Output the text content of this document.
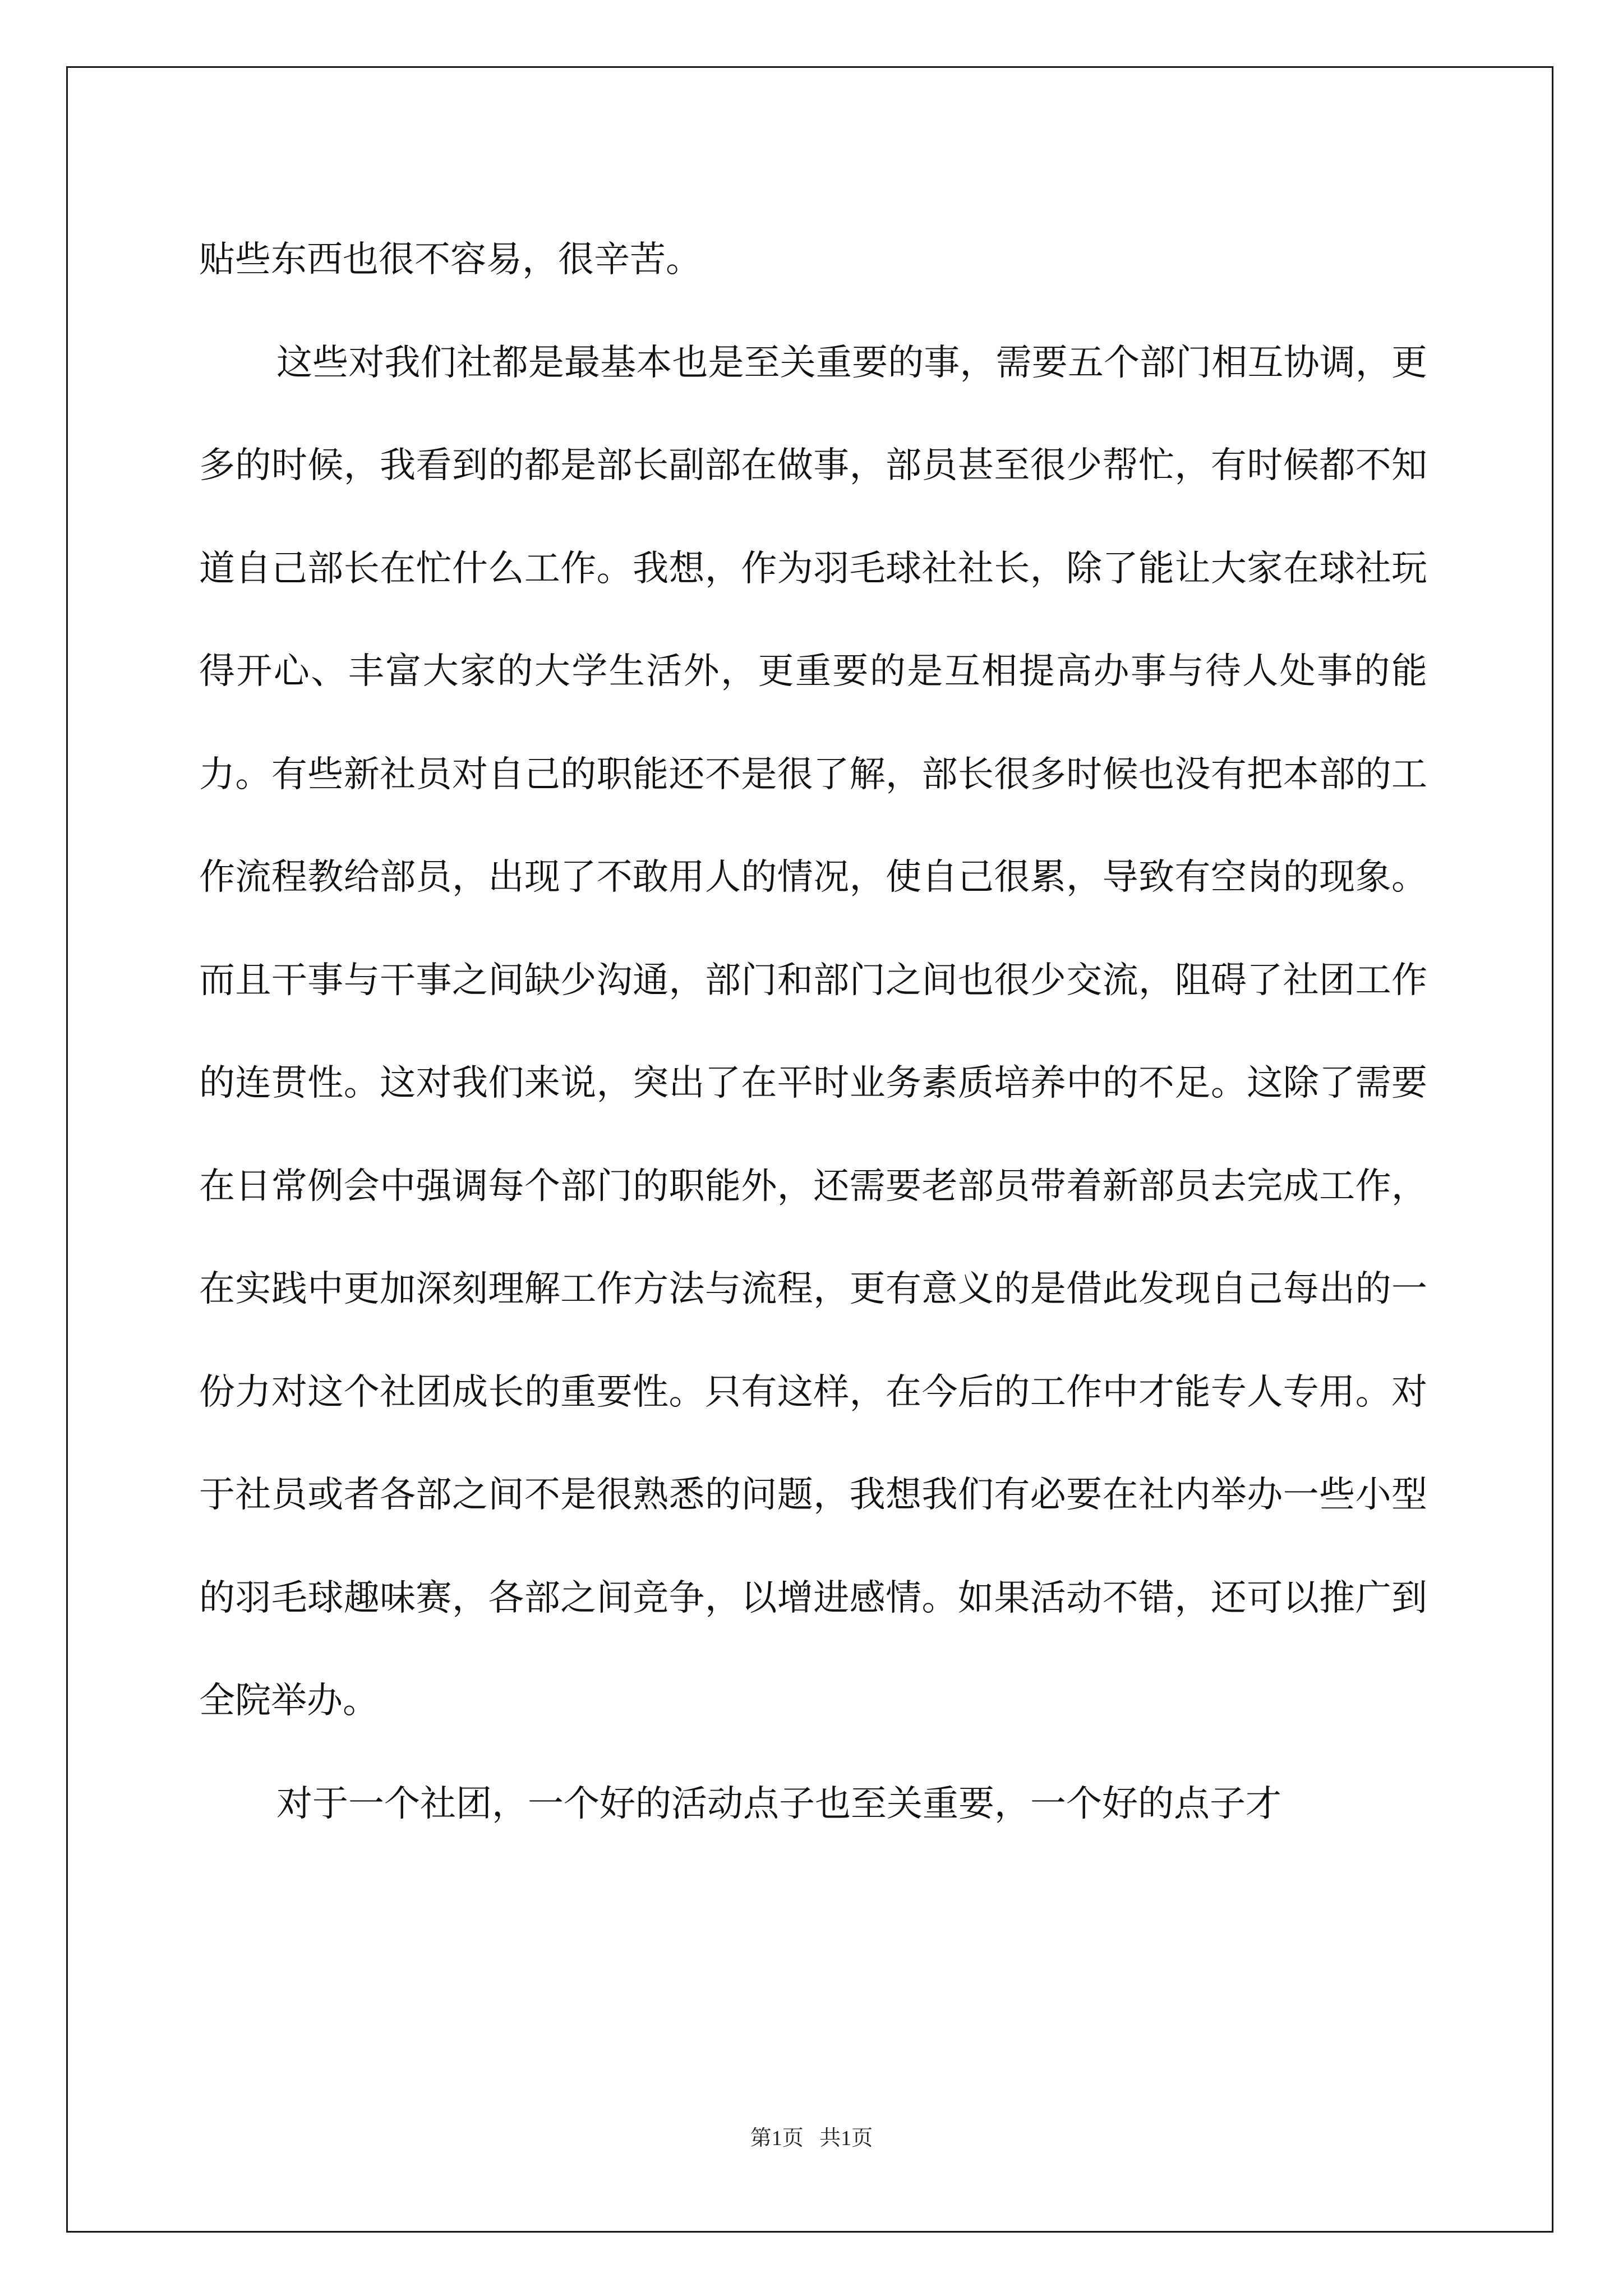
贴些东西也很不容易，很辛苦。

这些对我们社都是最基本也是至关重要的事，需要五个部门相互协调，更多的时候，我看到的都是部长副部在做事，部员甚至很少帮忙，有时候都不知道自己部长在忙什么工作。我想，作为羽毛球社社长，除了能让大家在球社玩得开心、丰富大家的大学生活外，更重要的是互相提高办事与待人处事的能力。有些新社员对自己的职能还不是很了解，部长很多时候也没有把本部的工作流程教给部员，出现了不敢用人的情况，使自己很累，导致有空岗的现象。而且干事与干事之间缺少沟通，部门和部门之间也很少交流，阻碍了社团工作的连贯性。这对我们来说，突出了在平时业务素质培养中的不足。这除了需要在日常例会中强调每个部门的职能外，还需要老部员带着新部员去完成工作，在实践中更加深刻理解工作方法与流程，更有意义的是借此发现自己每出的一份力对这个社团成长的重要性。只有这样，在今后的工作中才能专人专用。对于社员或者各部之间不是很熟悉的问题，我想我们有必要在社内举办一些小型的羽毛球趣味赛，各部之间竞争，以增进感情。如果活动不错，还可以推广到全院举办。

对于一个社团，一个好的活动点子也至关重要，一个好的点子才

第1页 共1页
